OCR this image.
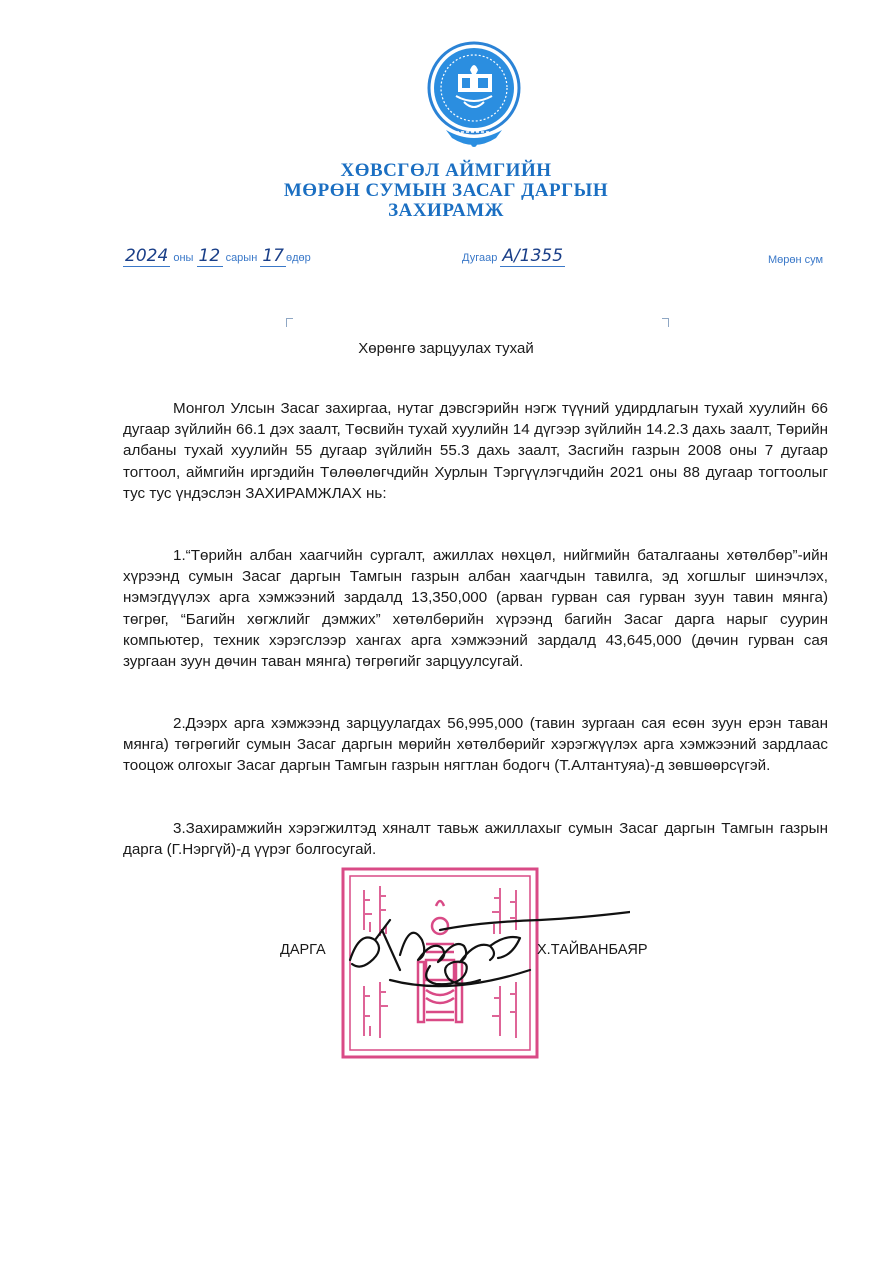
ХӨВСГӨЛ АЙМГИЙН
МӨРӨН СУМЫН ЗАСАГ ДАРГЫН
ЗАХИРАМЖ
2024 оны 12 сарын 17 өдөр	Дугаар А/1355	Мөрөн сум
Хөрөнгө зарцуулах тухай
Монгол Улсын Засаг захиргаа, нутаг дэвсгэрийн нэгж түүний удирдлагын тухай хуулийн 66 дугаар зүйлийн 66.1 дэх заалт, Төсвийн тухай хуулийн 14 дүгээр зүйлийн 14.2.3 дахь заалт, Төрийн албаны тухай хуулийн 55 дугаар зүйлийн 55.3 дахь заалт, Засгийн газрын 2008 оны 7 дугаар тогтоол, аймгийн иргэдийн Төлөөлөгчдийн Хурлын Тэргүүлэгчдийн 2021 оны 88 дугаар тогтоолыг тус тус үндэслэн ЗАХИРАМЖЛАХ нь:
1.“Төрийн албан хаагчийн сургалт, ажиллах нөхцөл, нийгмийн баталгааны хөтөлбөр”-ийн хүрээнд сумын Засаг даргын Тамгын газрын албан хаагчдын тавилга, эд хогшлыг шинэчлэх, нэмэгдүүлэх арга хэмжээний зардалд 13,350,000 (арван гурван сая гурван зуун тавин мянга) төгрөг, “Багийн хөгжлийг дэмжих” хөтөлбөрийн хүрээнд багийн Засаг дарга нарыг суурин компьютер, техник хэрэгслээр хангах арга хэмжээний зардалд 43,645,000 (дөчин гурван сая зургаан зуун дөчин таван мянга) төгрөгийг зарцуулсугай.
2.Дээрх арга хэмжээнд зарцуулагдах 56,995,000 (тавин зургаан сая есөн зуун ерэн таван мянга) төгрөгийг сумын Засаг даргын мөрийн хөтөлбөрийг хэрэгжүүлэх арга хэмжээний зардлаас тооцож олгохыг Засаг даргын Тамгын газрын нягтлан бодогч (Т.Алтантуяа)-д зөвшөөрсүгэй.
3.Захирамжийн хэрэгжилтэд хяналт тавьж ажиллахыг сумын Засаг даргын Тамгын газрын дарга (Г.Нэргүй)-д үүрэг болгосугай.
ДАРГА	Х.ТАЙВАНБАЯР
